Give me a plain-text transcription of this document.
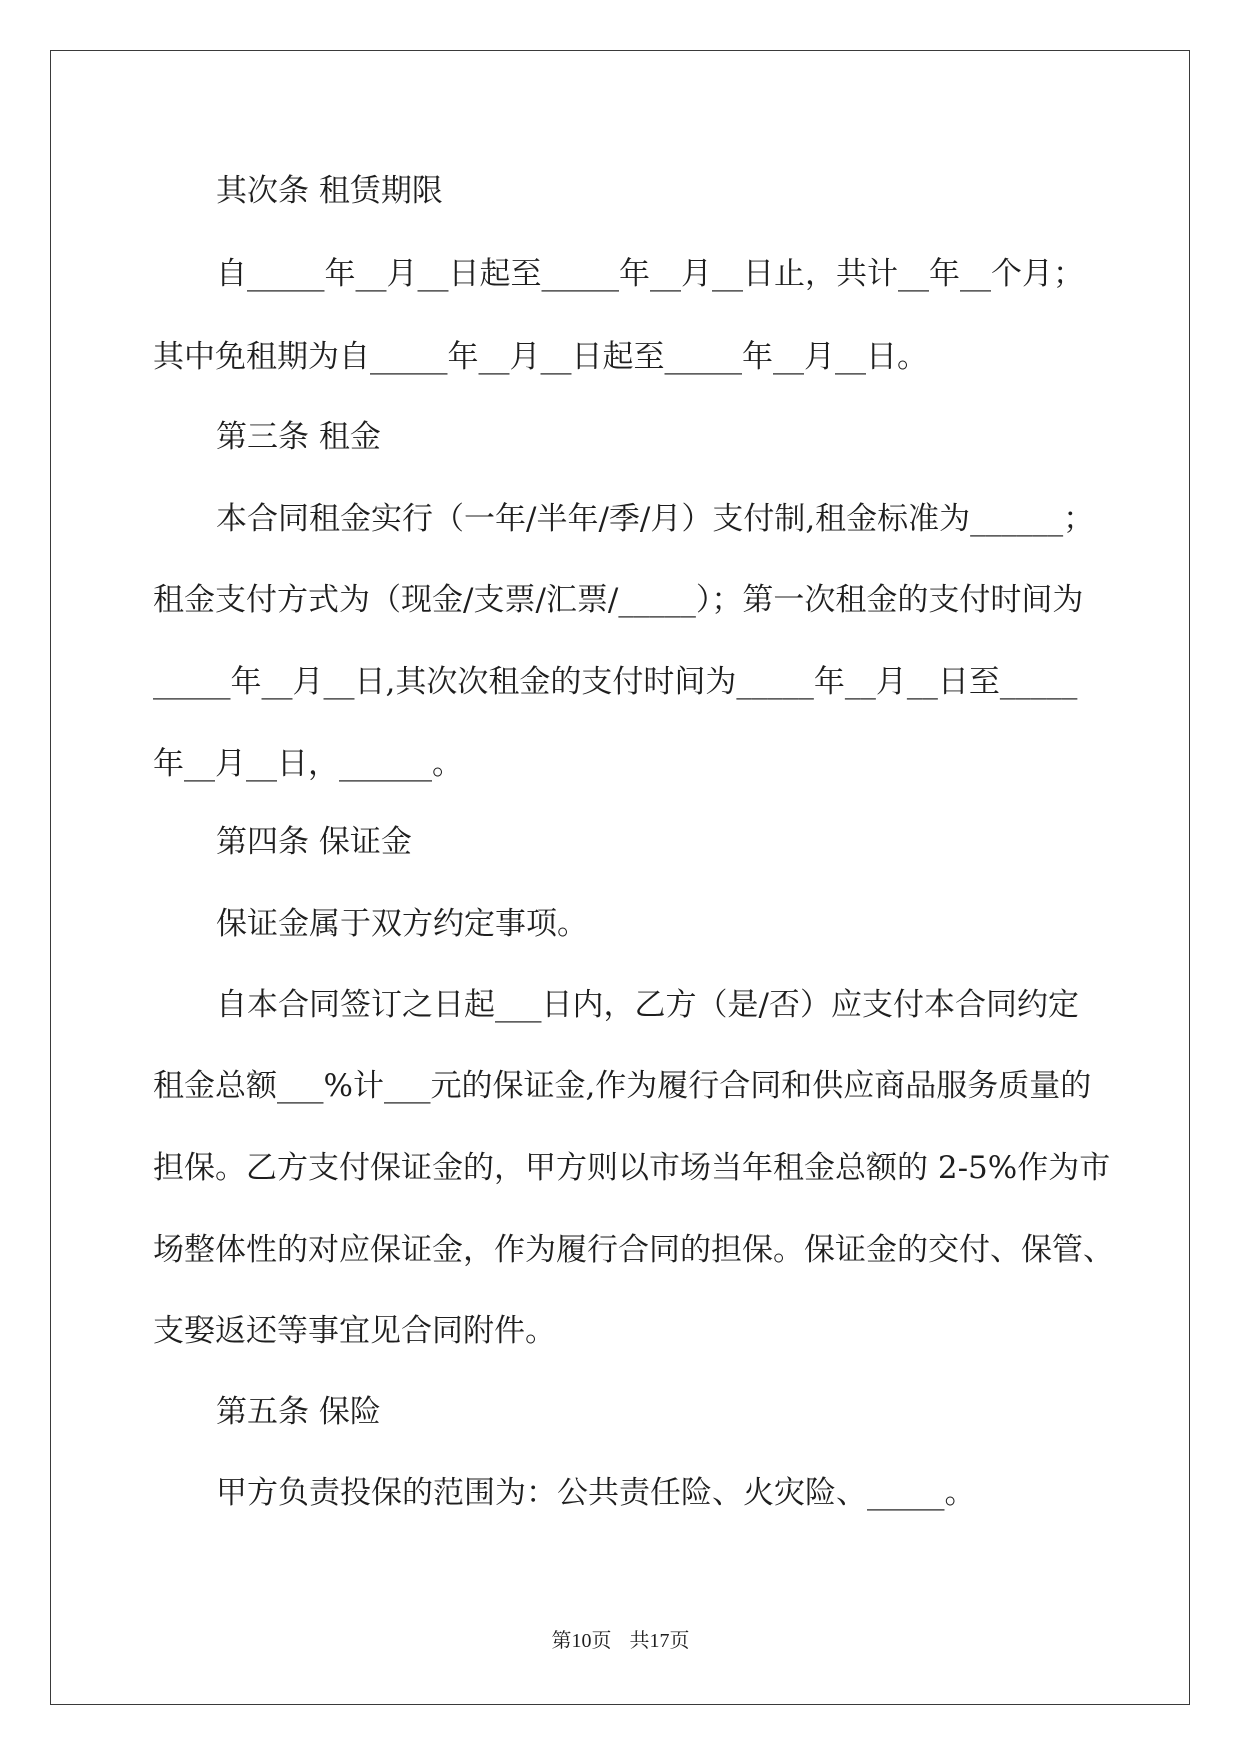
其次条 租赁期限

自_____年__月__日起至_____年__月__日止，共计__年__个月；

其中免租期为自_____年__月__日起至_____年__月__日。

第三条 租金

本合同租金实行（一年/半年/季/月）支付制,租金标准为______；

租金支付方式为（现金/支票/汇票/_____）；第一次租金的支付时间为

_____年__月__日,其次次租金的支付时间为_____年__月__日至_____

年__月__日，______。

第四条 保证金

保证金属于双方约定事项。

自本合同签订之日起___日内，乙方（是/否）应支付本合同约定

租金总额___%计___元的保证金,作为履行合同和供应商品服务质量的

担保。乙方支付保证金的，甲方则以市场当年租金总额的 2-5%作为市

场整体性的对应保证金，作为履行合同的担保。保证金的交付、保管、

支娶返还等事宜见合同附件。

第五条 保险

甲方负责投保的范围为：公共责任险、火灾险、_____。

第10页 共17页
